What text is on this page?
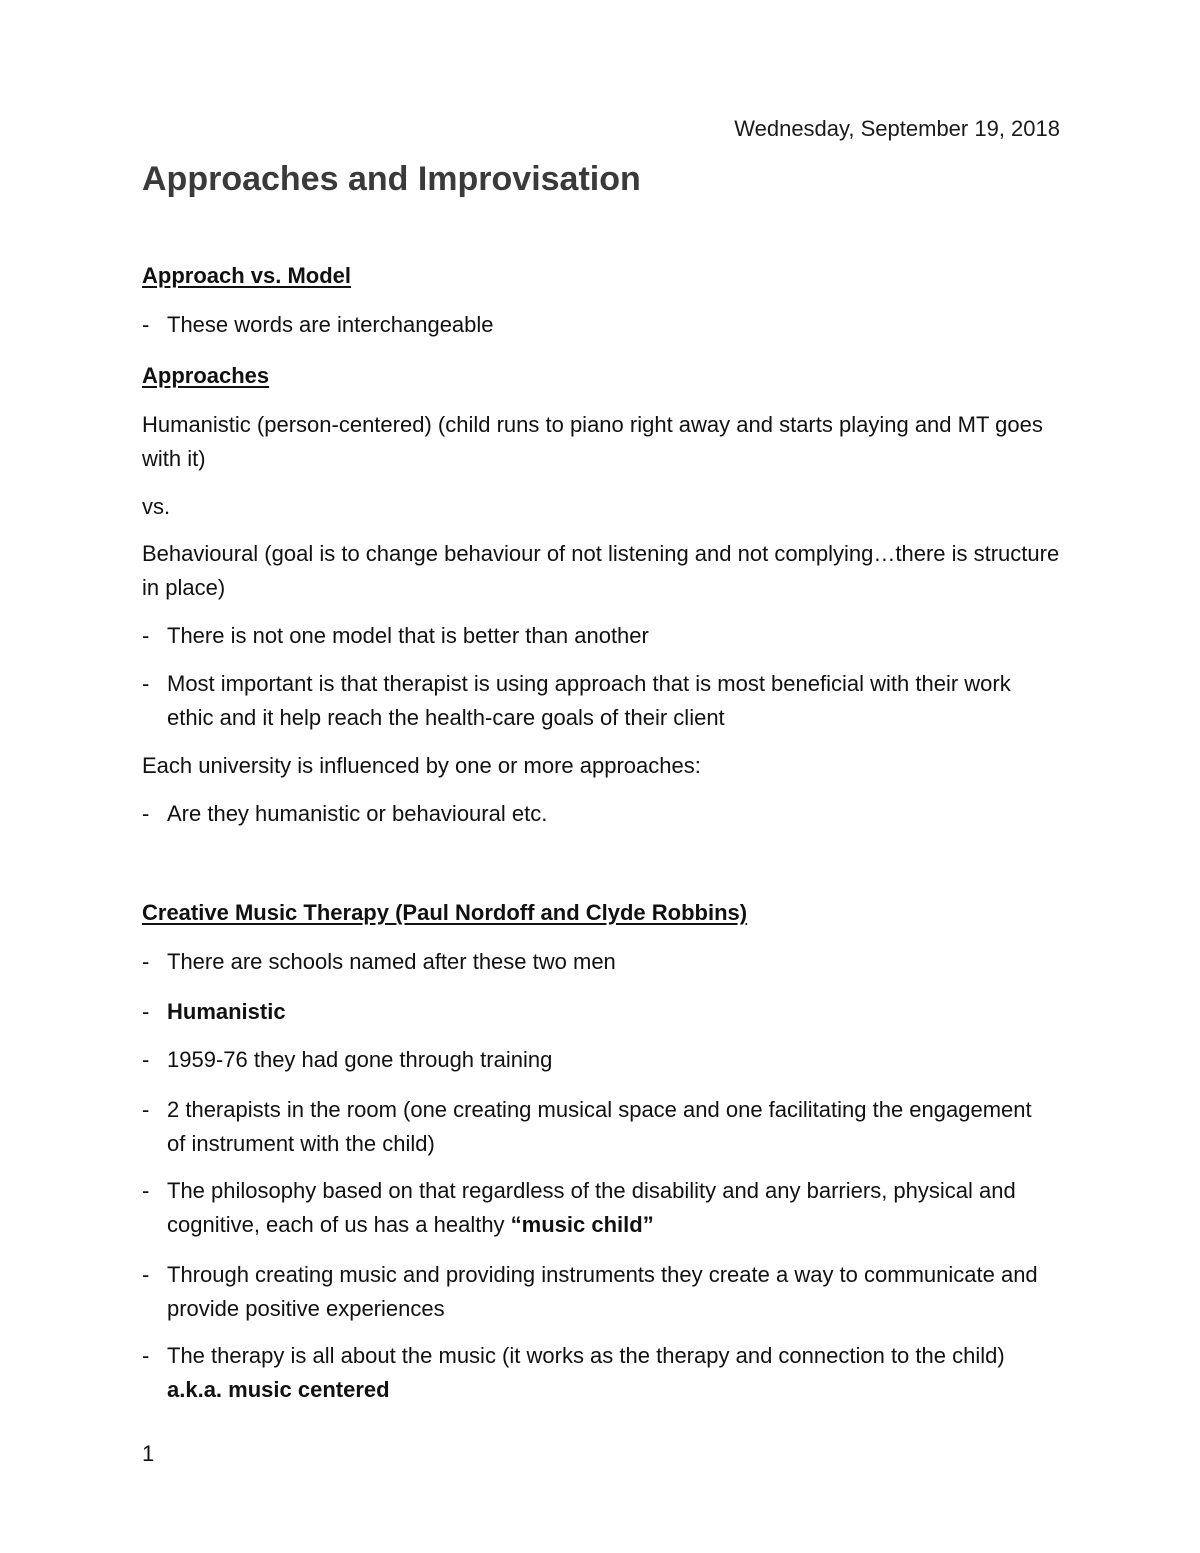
Wednesday, September 19, 2018
Approaches and Improvisation
Approach vs. Model
- These words are interchangeable
Approaches

Humanistic (person-centered) (child runs to piano right away and starts playing and MT goes with it)

vs.

Behavioural (goal is to change behaviour of not listening and not complying…there is structure in place)

- There is not one model that is better than another
- Most important is that therapist is using approach that is most beneficial with their work ethic and it help reach the health-care goals of their client

Each university is influenced by one or more approaches:

- Are they humanistic or behavioural etc.
Creative Music Therapy (Paul Nordoff and Clyde Robbins)
- There are schools named after these two men
- Humanistic
- 1959-76 they had gone through training
- 2 therapists in the room (one creating musical space and one facilitating the engagement of instrument with the child)
- The philosophy based on that regardless of the disability and any barriers, physical and cognitive, each of us has a healthy “music child”
- Through creating music and providing instruments they create a way to communicate and provide positive experiences
- The therapy is all about the music (it works as the therapy and connection to the child) a.k.a. music centered
1
